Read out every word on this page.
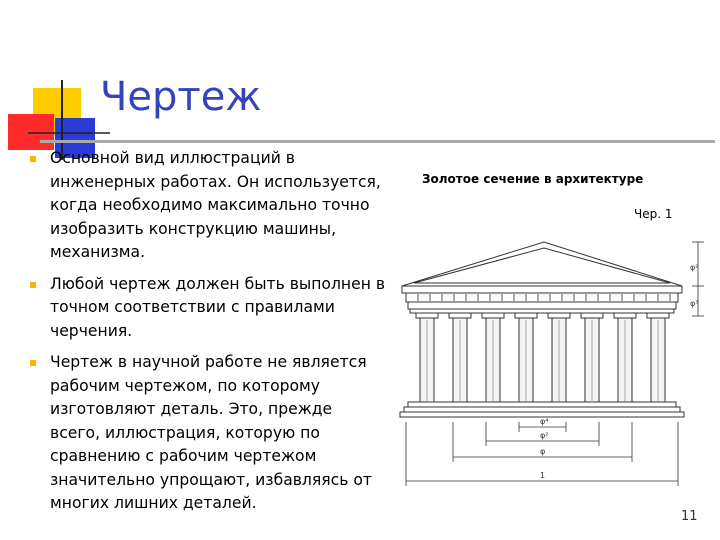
Чертеж
Основной вид иллюстраций в инженерных работах. Он используется, когда необходимо максимально точно изобразить конструкцию машины, механизма.
Любой чертеж должен быть выполнен в точном соответствии с правилами черчения.
Чертеж в научной работе не является рабочим чертежом, по которому изготовляют деталь. Это, прежде всего, иллюстрация, которую по сравнению с рабочим чертежом значительно упрощают, избавляясь от многих лишних деталей.
Золотое сечение в архитектуре
Чер. 1
φ²
φ³
φ⁴
φ²
φ
1
11
